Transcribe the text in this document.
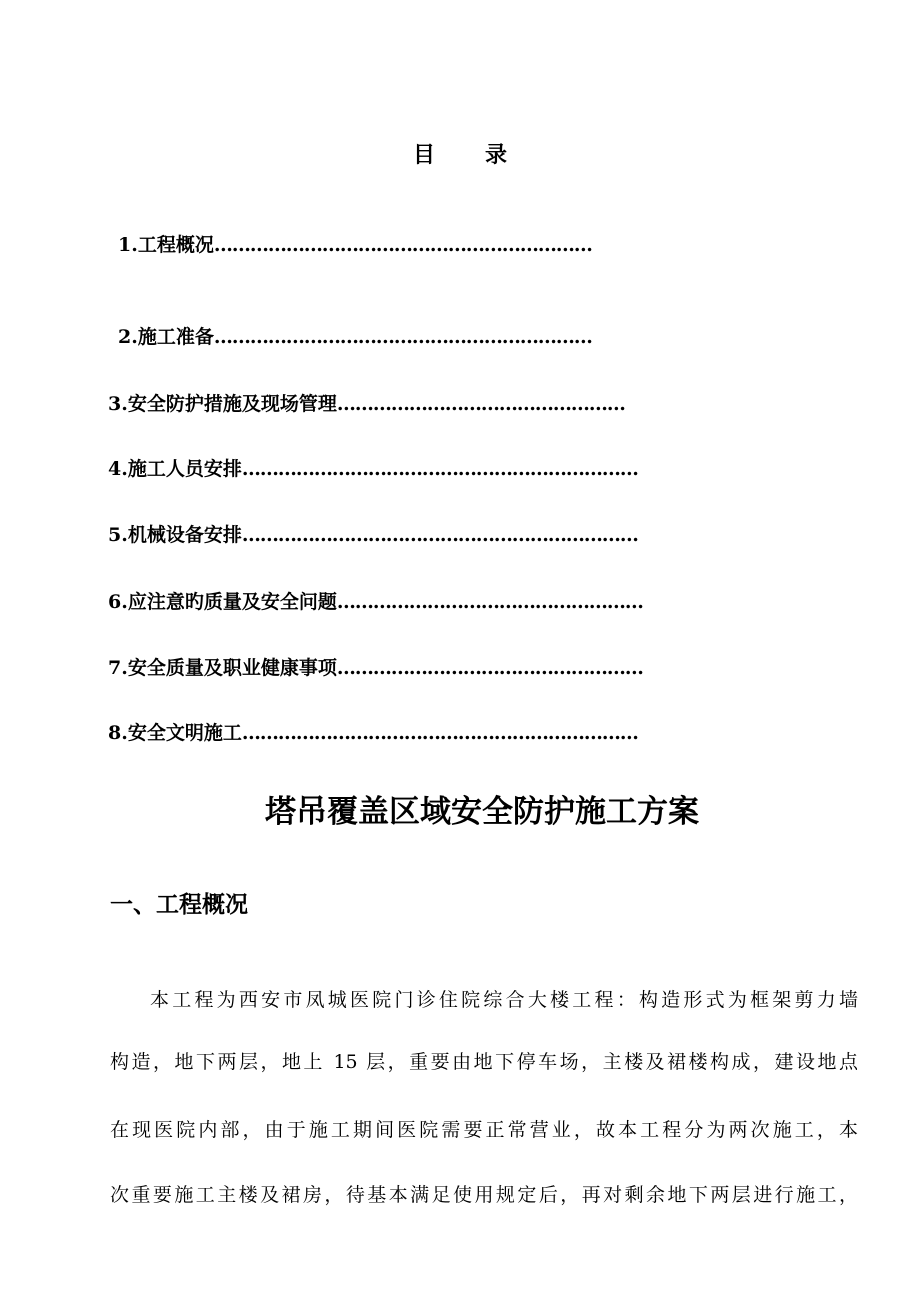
目 录
1.工程概况………………………………………………………
2.施工准备………………………………………………………
3.安全防护措施及现场管理…………………………………………
4.施工人员安排…………………………………………………………
5.机械设备安排…………………………………………………………
6.应注意旳质量及安全问题……………………………………………
7.安全质量及职业健康事项……………………………………………
8.安全文明施工…………………………………………………………
塔吊覆盖区域安全防护施工方案
一、工程概况
本工程为西安市凤城医院门诊住院综合大楼工程：构造形式为框架剪力墙
构造，地下两层，地上 15 层，重要由地下停车场，主楼及裙楼构成，建设地点
在现医院内部，由于施工期间医院需要正常营业，故本工程分为两次施工，本
次重要施工主楼及裙房，待基本满足使用规定后，再对剩余地下两层进行施工，
